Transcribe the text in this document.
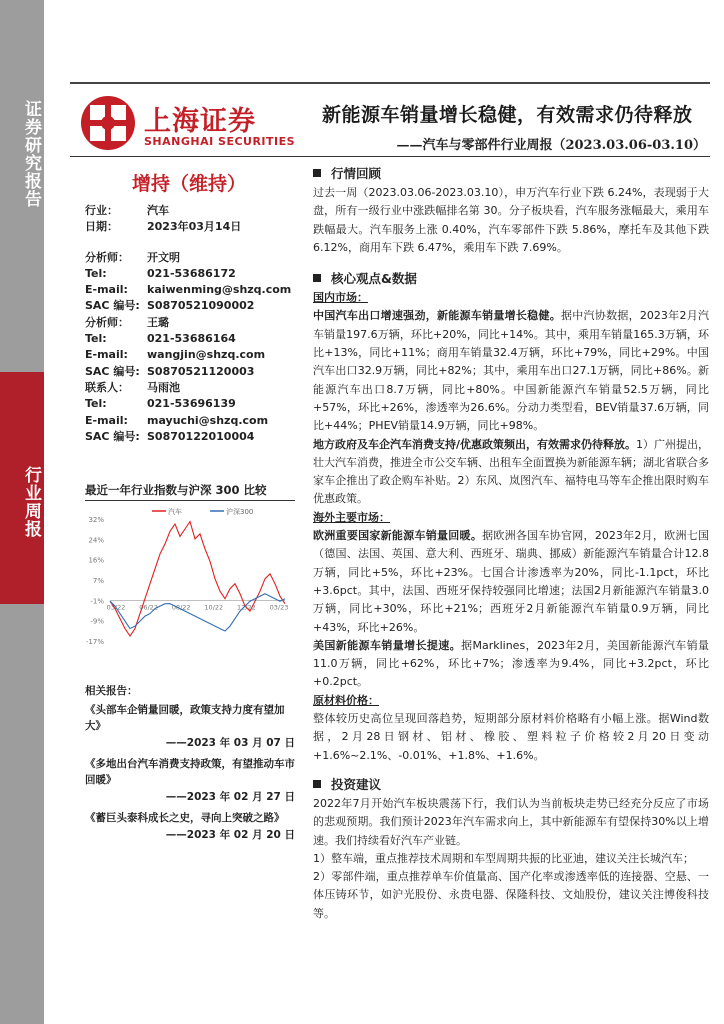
证券研究报告
行业周报
上海证券
SHANGHAI SECURITIES
新能源车销量增长稳健，有效需求仍待释放
——汽车与零部件行业周报（2023.03.06-03.10）
增持（维持）
行业：	汽车
日期：	2023年03月14日
分析师： 开文明
Tel:	021-53686172
E-mail: kaiwenming@shzq.com
SAC 编号: S0870521090002
分析师： 王璐
Tel:	021-53686164
E-mail: wangjin@shzq.com
SAC 编号: S0870521120003
联系人： 马雨池
Tel:	021-53696139
E-mail: mayuchi@shzq.com
SAC 编号: S0870122010004
最近一年行业指数与沪深 300 比较
汽车	沪深300
32%
24%
16%
7%
-1%
-9%
-17%
03/22 06/22 08/22 10/22 12/22 03/23
相关报告：
《头部车企销量回暖，政策支持力度有望加大》
——2023 年 03 月 07 日
《多地出台汽车消费支持政策，有望推动车市回暖》
——2023 年 02 月 27 日
《蓄巨头泰科成长之史，寻向上突破之路》
——2023 年 02 月 20 日
行情回顾
过去一周（2023.03.06-2023.03.10），申万汽车行业下跌 6.24%，表现弱于大盘，所有一级行业中涨跌幅排名第 30。分子板块看，汽车服务涨幅最大，乘用车跌幅最大。汽车服务上涨 0.40%，汽车零部件下跌 5.86%，摩托车及其他下跌 6.12%，商用车下跌 6.47%，乘用车下跌 7.69%。
核心观点&数据
国内市场：
中国汽车出口增速强劲，新能源车销量增长稳健。据中汽协数据，2023年2月汽车销量197.6万辆，环比+20%，同比+14%。其中，乘用车销量165.3万辆，环比+13%，同比+11%；商用车销量32.4万辆，环比+79%，同比+29%。中国汽车出口32.9万辆，同比+82%；其中，乘用车出口27.1万辆，同比+86%。新能源汽车出口8.7万辆，同比+80%。中国新能源汽车销量52.5万辆，同比+57%，环比+26%，渗透率为26.6%。分动力类型看，BEV销量37.6万辆，同比+44%；PHEV销量14.9万辆，同比+98%。
地方政府及车企汽车消费支持/优惠政策频出，有效需求仍待释放。1）广州提出，壮大汽车消费，推进全市公交车辆、出租车全面置换为新能源车辆；湖北省联合多家车企推出了政企购车补贴。2）东风、岚图汽车、福特电马等车企推出限时购车优惠政策。
海外主要市场：
欧洲重要国家新能源车销量回暖。据欧洲各国车协官网，2023年2月，欧洲七国（德国、法国、英国、意大利、西班牙、瑞典、挪威）新能源汽车销量合计12.8万辆，同比+5%，环比+23%。七国合计渗透率为20%，同比-1.1pct，环比+3.6pct。其中，法国、西班牙保持较强同比增速；法国2月新能源汽车销量3.0万辆，同比+30%，环比+21%；西班牙2月新能源汽车销量0.9万辆，同比+43%，环比+26%。
美国新能源车销量增长提速。据Marklines，2023年2月，美国新能源汽车销量11.0万辆，同比+62%，环比+7%；渗透率为9.4%，同比+3.2pct，环比+0.2pct。
原材料价格：
整体较历史高位呈现回落趋势，短期部分原材料价格略有小幅上涨。据Wind数据，2月28日钢材、铝材、橡胶、塑料粒子价格较2月20日变动+1.6%~2.1%、-0.01%、+1.8%、+1.6%。
投资建议
2022年7月开始汽车板块震荡下行，我们认为当前板块走势已经充分反应了市场的悲观预期。我们预计2023年汽车需求向上，其中新能源车有望保持30%以上增速。我们持续看好汽车产业链。
1）整车端，重点推荐技术周期和车型周期共振的比亚迪，建议关注长城汽车；
2）零部件端，重点推荐单车价值量高、国产化率或渗透率低的连接器、空悬、一体压铸环节，如沪光股份、永贵电器、保隆科技、文灿股份，建议关注博俊科技等。
